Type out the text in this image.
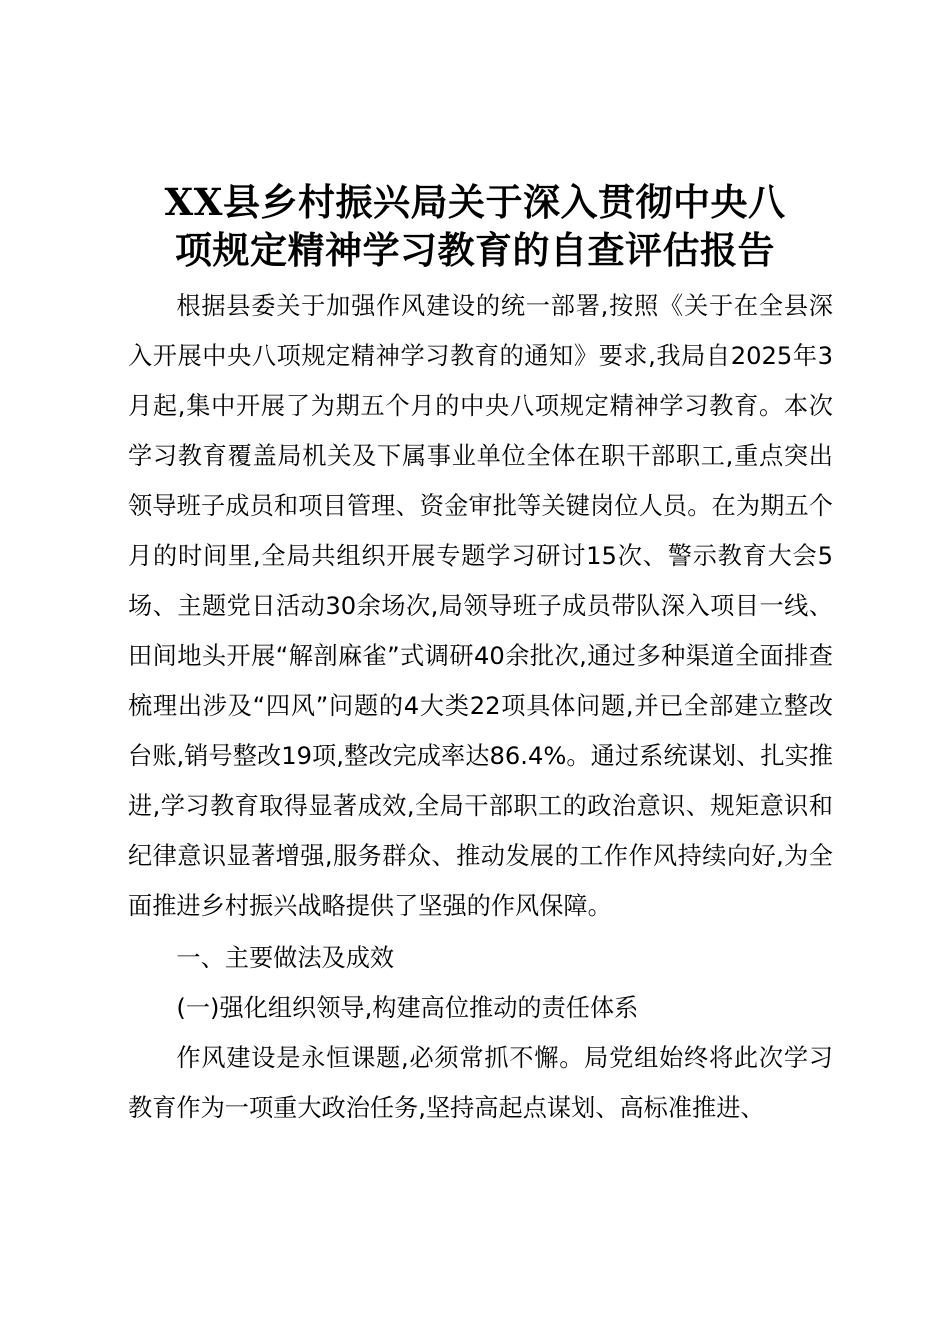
XX县乡村振兴局关于深入贯彻中央八
项规定精神学习教育的自查评估报告

根据县委关于加强作风建设的统一部署,按照《关于在全县深入开展中央八项规定精神学习教育的通知》要求,我局自2025年3月起,集中开展了为期五个月的中央八项规定精神学习教育。本次学习教育覆盖局机关及下属事业单位全体在职干部职工,重点突出领导班子成员和项目管理、资金审批等关键岗位人员。在为期五个月的时间里,全局共组织开展专题学习研讨15次、警示教育大会5场、主题党日活动30余场次,局领导班子成员带队深入项目一线、田间地头开展“解剖麻雀”式调研40余批次,通过多种渠道全面排查梳理出涉及“四风”问题的4大类22项具体问题,并已全部建立整改台账,销号整改19项,整改完成率达86.4%。通过系统谋划、扎实推进,学习教育取得显著成效,全局干部职工的政治意识、规矩意识和纪律意识显著增强,服务群众、推动发展的工作作风持续向好,为全面推进乡村振兴战略提供了坚强的作风保障。

一、主要做法及成效

(一)强化组织领导,构建高位推动的责任体系

作风建设是永恒课题,必须常抓不懈。局党组始终将此次学习教育作为一项重大政治任务,坚持高起点谋划、高标准推进、
